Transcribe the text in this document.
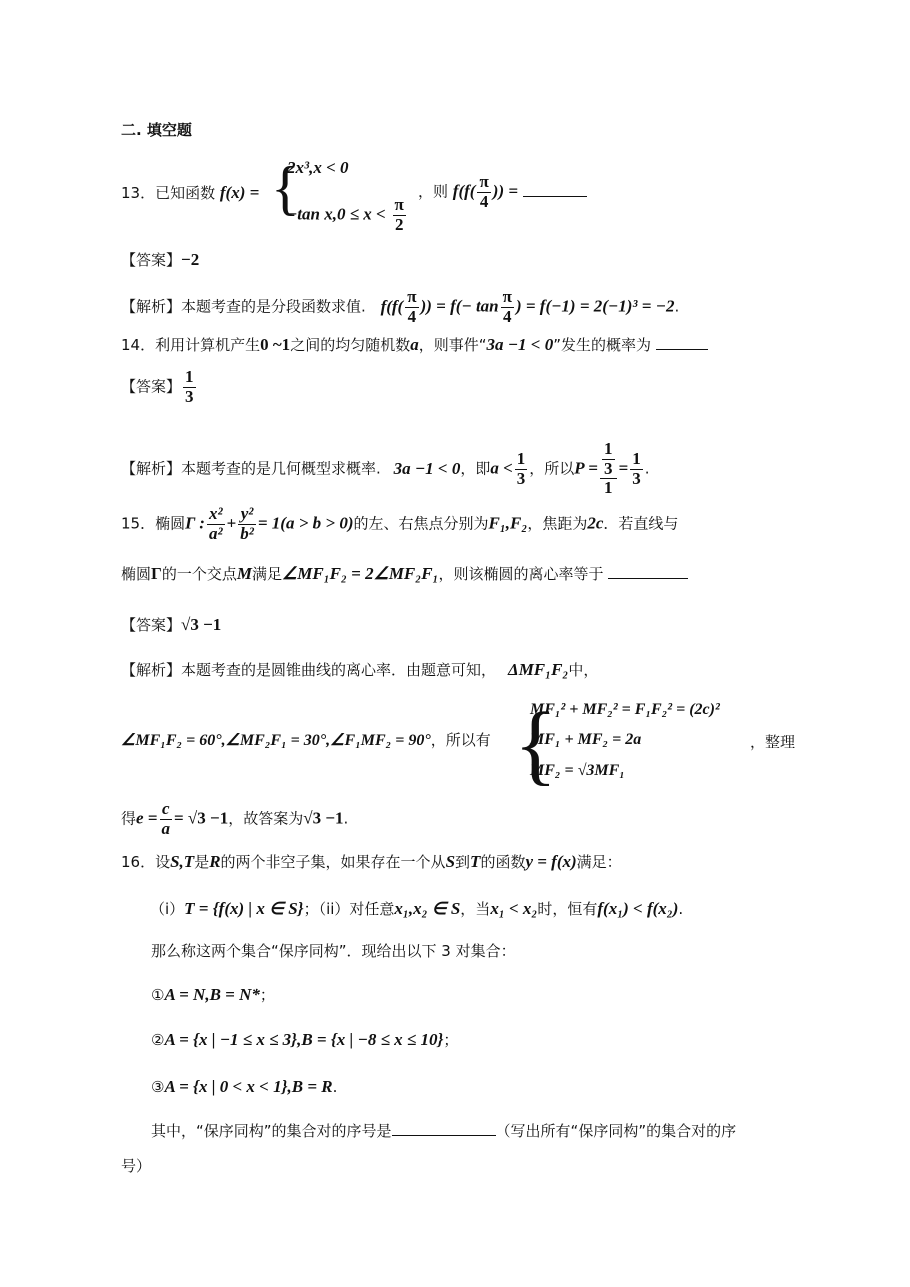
二. 填空题
13．已知函数 f(x) = {
2x³,x < 0
−tan $x,0 \le x < \frac{\pi}{2}$
，则 $f(f( \frac{\pi}{4}$ )) =
【答案】−2
【解析】本题考查的是分段函数求值. $f(f( \frac{\pi}{4}$ )) = $f(- \tan \frac{\pi}{4}$ ) = f(−1) = 2(−1)³ = −2.
14．利用计算机产生0 ~1之间的均匀随机数a，则事件“3a −1 < 0”发生的概率为
【答案】 $\frac{1}{3}$
【解析】本题考查的是几何概型求概率. 3a −1 < 0，即$a < \frac{1}{3}$ ，所以$P = \frac{\frac{1}{3}}{1} = \frac{1}{3}$ .
15．椭圆Γ : $\frac{\text{x²}}{\text{a²}} + \frac{\text{y²}}{\text{b²}} = 1(a > b > 0)$的左、右焦点分别为F₁,F₂，焦距为2c．若直线与
椭圆Γ的一个交点M满足∠MF₁F₂ = 2∠MF₂F₁，则该椭圆的离心率等于
【答案】√3 −1
【解析】本题考查的是圆锥曲线的离心率．由题意可知， ΔMF₁F₂中，
∠MF₁F₂ = 60°,∠MF₂F₁ = 30°,∠F₁MF₂ = 90°，所以有 {
MF₁² + MF₂² = F₁F₂² = (2c)²
MF₁ + MF₂ = 2a
MF₂ = √3MF₁
，整理
得$e = \frac{c}{a} = √3 -1$，故答案为√3 −1.
16．设S,T是R的两个非空子集，如果存在一个从S到T的函数y = f(x)满足：
（i）T = {f(x) | x ∈ S}；（ii）对任意x₁,x₂ ∈ S，当x₁ < x₂时，恒有f(x₁) < f(x₂).
那么称这两个集合“保序同构”．现给出以下 3 对集合：
①A = N,B = N*；
②A = {x | −1 ≤ x ≤ 3},B = {x | −8 ≤ x ≤ 10}；
③A = {x | 0 < x < 1},B = R.
其中，“保序同构”的集合对的序号是	（写出所有“保序同构”的集合对的序
号）
